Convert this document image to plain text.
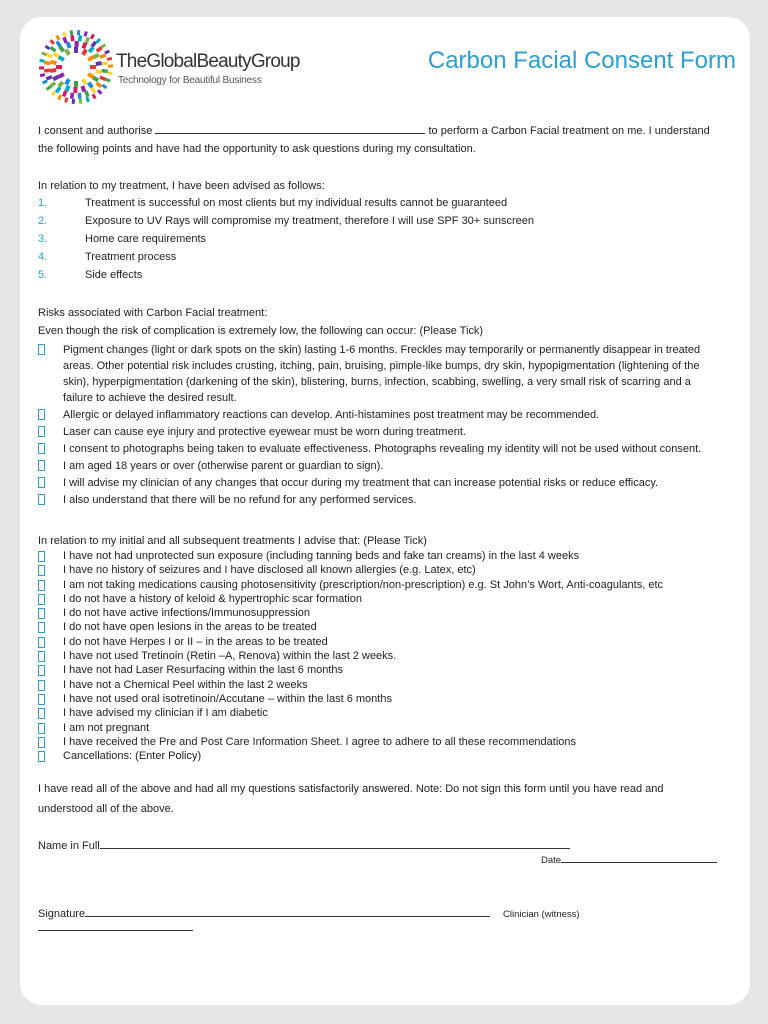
TheGlobalBeautyGroup
Technology for Beautiful Business
Carbon Facial Consent Form
I consent and authorise	to perform a Carbon Facial treatment on me. I understand
the following points and have had the opportunity to ask questions during my consultation.
In relation to my treatment, I have been advised as follows:
1.	Treatment is successful on most clients but my individual results cannot be guaranteed
2.	Exposure to UV Rays will compromise my treatment, therefore I will use SPF 30+ sunscreen
3.	Home care requirements
4.	Treatment process
5.	Side effects
Risks associated with Carbon Facial treatment:
Even though the risk of complication is extremely low, the following can occur: (Please Tick)
Pigment changes (light or dark spots on the skin) lasting 1-6 months. Freckles may temporarily or permanently disappear in treated areas. Other potential risk includes crusting, itching, pain, bruising, pimple-like bumps, dry skin, hypopigmentation (lightening of the skin), hyperpigmentation (darkening of the skin), blistering, burns, infection, scabbing, swelling, a very small risk of scarring and a failure to achieve the desired result.
Allergic or delayed inflammatory reactions can develop. Anti-histamines post treatment may be recommended.
Laser can cause eye injury and protective eyewear must be worn during treatment.
I consent to photographs being taken to evaluate effectiveness. Photographs revealing my identity will not be used without consent.
I am aged 18 years or over (otherwise parent or guardian to sign).
I will advise my clinician of any changes that occur during my treatment that can increase potential risks or reduce efficacy.
I also understand that there will be no refund for any performed services.
In relation to my initial and all subsequent treatments I advise that: (Please Tick)
I have not had unprotected sun exposure (including tanning beds and fake tan creams) in the last 4 weeks
I have no history of seizures and I have disclosed all known allergies (e.g. Latex, etc)
I am not taking medications causing photosensitivity (prescription/non-prescription) e.g. St John’s Wort, Anti-coagulants, etc
I do not have a history of keloid & hypertrophic scar formation
I do not have active infections/Immunosuppression
I do not have open lesions in the areas to be treated
I do not have Herpes I or II – in the areas to be treated
I have not used Tretinoin (Retin –A, Renova) within the last 2 weeks.
I have not had Laser Resurfacing within the last 6 months
I have not a Chemical Peel within the last 2 weeks
I have not used oral isotretinoin/Accutane – within the last 6 months
I have advised my clinician if I am diabetic
I am not pregnant
I have received the Pre and Post Care Information Sheet. I agree to adhere to all these recommendations
Cancellations: (Enter Policy)
I have read all of the above and had all my questions satisfactorily answered. Note: Do not sign this form until you have read and
understood all of the above.
Name in Full
Date
Signature	Clinician (witness)
